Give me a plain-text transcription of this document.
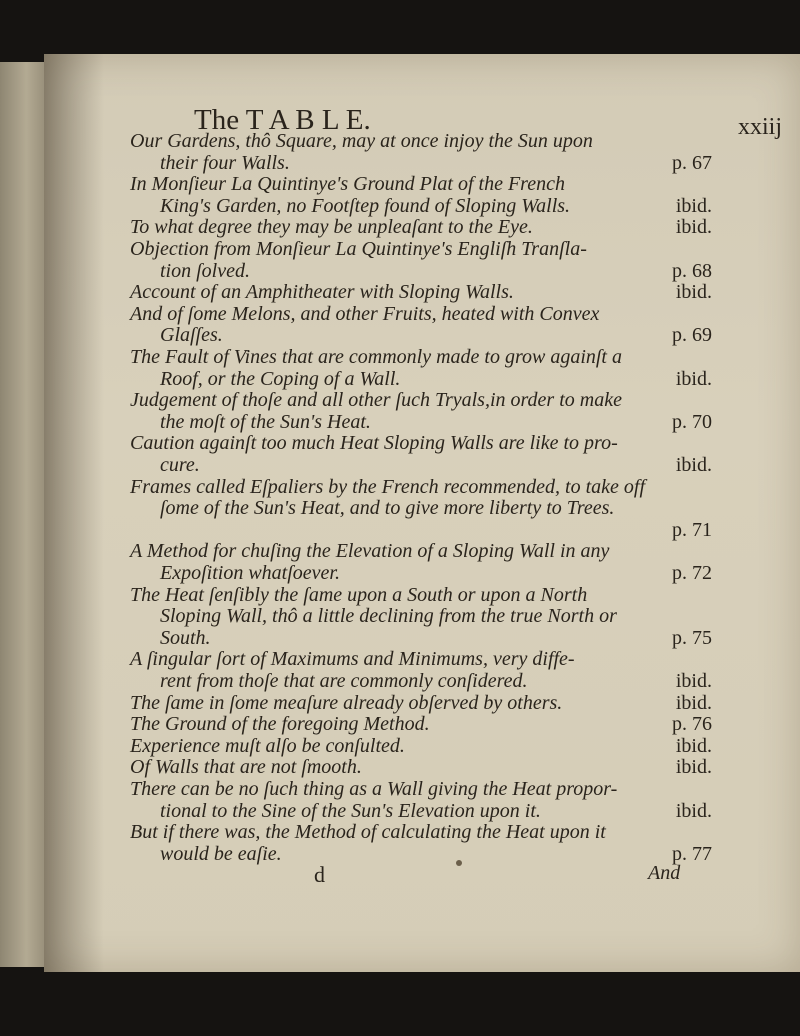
The T A B L E.	xxiij
Our Gardens, thô Square, may at once injoy the Sun upon
their four Walls.	p. 67
In Monſieur La Quintinye's Ground Plat of the French
King's Garden, no Footſtep found of Sloping Walls.	ibid.
To what degree they may be unpleaſant to the Eye.	ibid.
Objection from Monſieur La Quintinye's Engliſh Tranſla-
tion ſolved.	p. 68
Account of an Amphitheater with Sloping Walls.	ibid.
And of ſome Melons, and other Fruits, heated with Convex
Glaſſes.	p. 69
The Fault of Vines that are commonly made to grow againſt a
Roof, or the Coping of a Wall.	ibid.
Judgement of thoſe and all other ſuch Tryals,in order to make
the moſt of the Sun's Heat.	p. 70
Caution againſt too much Heat Sloping Walls are like to pro-
cure.	ibid.
Frames called Eſpaliers by the French recommended, to take off
ſome of the Sun's Heat, and to give more liberty to Trees.
p. 71
A Method for chuſing the Elevation of a Sloping Wall in any
Expoſition whatſoever.	p. 72
The Heat ſenſibly the ſame upon a South or upon a North
Sloping Wall, thô a little declining from the true North or
South.	p. 75
A ſingular ſort of Maximums and Minimums, very diffe-
rent from thoſe that are commonly conſidered.	ibid.
The ſame in ſome meaſure already obſerved by others.	ibid.
The Ground of the foregoing Method.	p. 76
Experience muſt alſo be conſulted.	ibid.
Of Walls that are not ſmooth.	ibid.
There can be no ſuch thing as a Wall giving the Heat propor-
tional to the Sine of the Sun's Elevation upon it.	ibid.
But if there was, the Method of calculating the Heat upon it
would be eaſie.	p. 77
d	And
